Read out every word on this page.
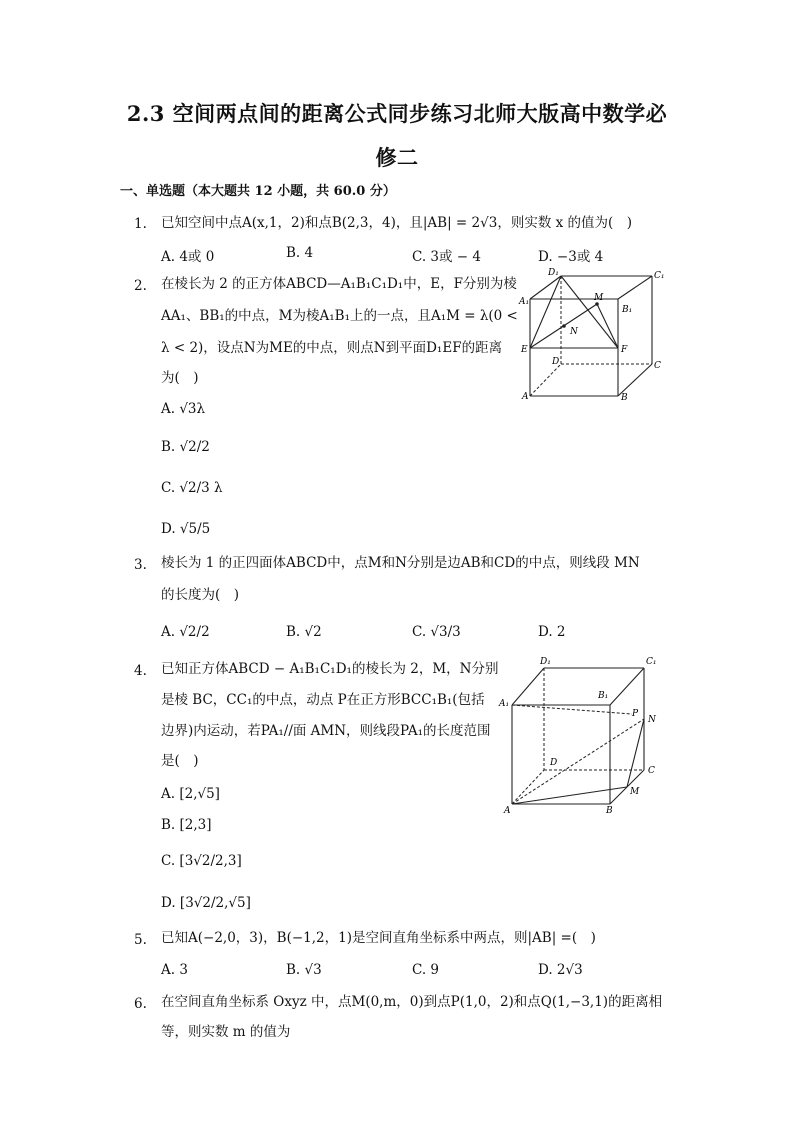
2.3 空间两点间的距离公式同步练习北师大版高中数学必
修二
一、单选题（本大题共 12 小题，共 60.0 分）
1. 已知空间中点A(x,1，2)和点B(2,3，4)，且|AB| = 2√3，则实数 x 的值为(　)
A. 4或 0	B. 4	C. 3或 − 4	D. −3或 4
2. 在棱长为 2 的正方体ABCD—A₁B₁C₁D₁中，E，F分别为棱
AA₁、BB₁的中点，M为棱A₁B₁上的一点，且A₁M = λ(0 <
λ < 2)，设点N为ME的中点，则点N到平面D₁EF的距离
为(　)
A. √3λ
B. √2/2
C. √2/3 λ
D. √5/5
D₁	C₁
A₁	M
B₁
N
E
D
F
C
A	B
3. 棱长为 1 的正四面体ABCD中，点M和N分别是边AB和CD的中点，则线段 MN
的长度为(　)
A. √2/2	B. √2	C. √3/3	D. 2
4. 已知正方体ABCD − A₁B₁C₁D₁的棱长为 2，M，N分别
是棱 BC，CC₁的中点，动点 P在正方形BCC₁B₁(包括
边界)内运动，若PA₁//面 AMN，则线段PA₁的长度范围
是(　)
A. [2,√5]
B. [2,3]
C. [3√2/2,3]
D. [3√2/2,√5]
D₁	C₁
A₁
B₁
P
N
D
C
A	B
M
5. 已知A(−2,0，3)，B(−1,2，1)是空间直角坐标系中两点，则|AB| =(　)
A. 3	B. √3	C. 9	D. 2√3
6. 在空间直角坐标系 Oxyz 中，点M(0,m，0)到点P(1,0，2)和点Q(1,−3,1)的距离相
等，则实数 m 的值为
